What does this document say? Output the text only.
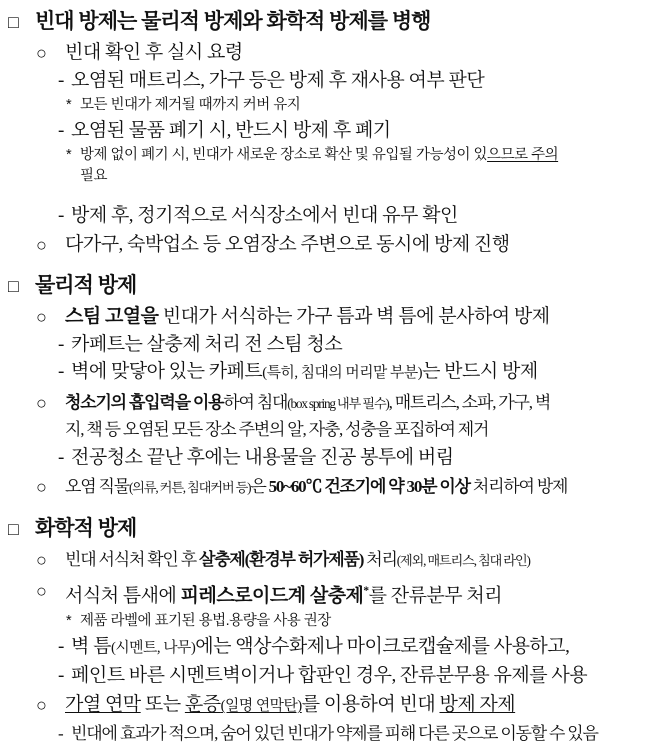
□ 빈대 방제는 물리적 방제와 화학적 방제를 병행
○ 빈대 확인 후 실시 요령
- 오염된 매트리스, 가구 등은 방제 후 재사용 여부 판단
* 모든 빈대가 제거될 때까지 커버 유지
- 오염된 물품 폐기 시, 반드시 방제 후 폐기
* 방제 없이 폐기 시, 빈대가 새로운 장소로 확산 및 유입될 가능성이 있으므로 주의
필요
- 방제 후, 정기적으로 서식장소에서 빈대 유무 확인
○ 다가구, 숙박업소 등 오염장소 주변으로 동시에 방제 진행
□ 물리적 방제
○ 스팀 고열을 빈대가 서식하는 가구 틈과 벽 틈에 분사하여 방제
- 카페트는 살충제 처리 전 스팀 청소
- 벽에 맞닿아 있는 카페트(특히, 침대의 머리맡 부분)는 반드시 방제
○	청소기의 흡입력을 이용하여 침대(box spring 내부 필수), 매트리스, 소파, 가구, 벽
지, 책 등 오염된 모든 장소 주변의 알, 자충, 성충을 포집하여 제거
- 전공청소 끝난 후에는 내용물을 진공 봉투에 버림
○	오염 직물(의류, 커튼, 침대커버 등)은 50~60℃ 건조기에 약 30분 이상 처리하여 방제
□ 화학적 방제
○	빈대 서식처 확인 후 살충제(환경부 허가제품) 처리(제외, 매트리스, 침대 라인)
○ 서식처 틈새에 피레스로이드계 살충제*를 잔류분무 처리
* 제품 라벨에 표기된 용법.용량을 사용 권장
- 벽 틈(시멘트, 나무)에는 액상수화제나 마이크로캡슐제를 사용하고,
- 페인트 바른 시멘트벽이거나 합판인 경우, 잔류분무용 유제를 사용
○ 가열 연막 또는 훈증(일명 연막탄)를 이용하여 빈대 방제 자제
- 빈대에 효과가 적으며, 숨어 있던 빈대가 약제를 피해 다른 곳으로 이동할 수 있음
